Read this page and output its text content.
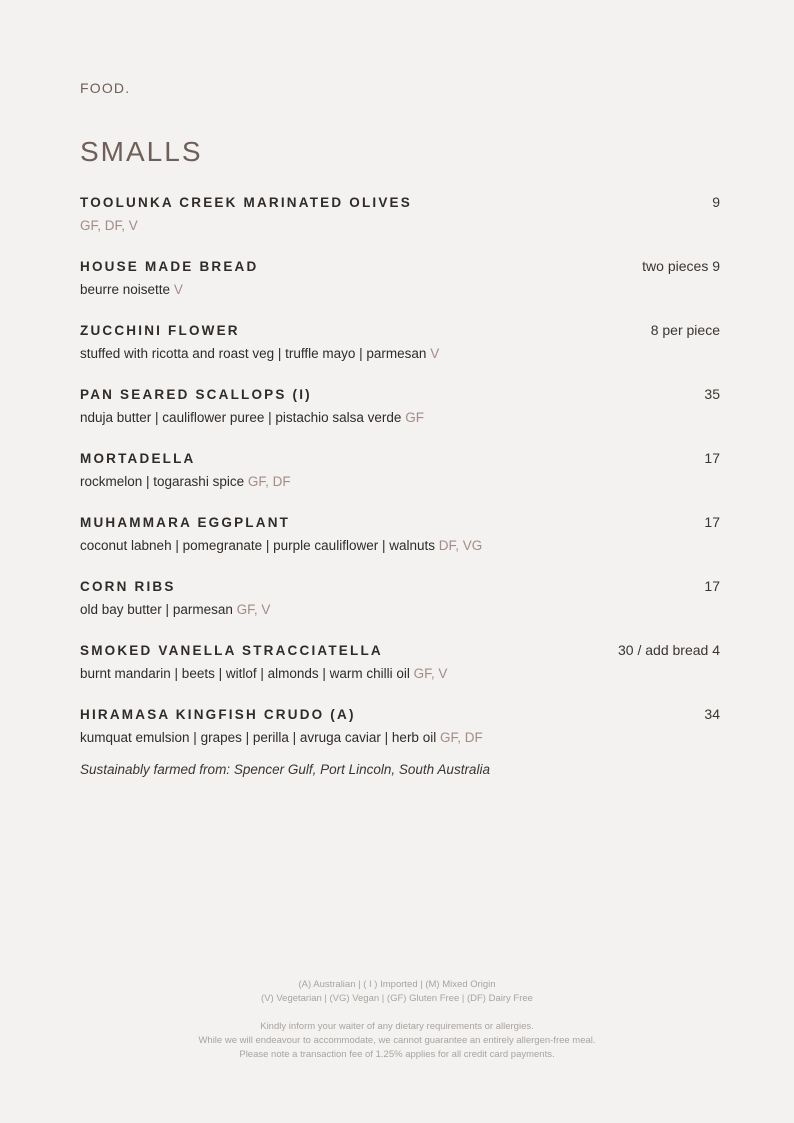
FOOD.
SMALLS
TOOLUNKA CREEK MARINATED OLIVES	9
GF, DF, V
HOUSE MADE BREAD	two pieces 9
beurre noisette V
ZUCCHINI FLOWER	8 per piece
stuffed with ricotta and roast veg | truffle mayo | parmesan V
PAN SEARED SCALLOPS (I)	35
nduja butter | cauliflower puree | pistachio salsa verde GF
MORTADELLA	17
rockmelon | togarashi spice GF, DF
MUHAMMARA EGGPLANT	17
coconut labneh | pomegranate | purple cauliflower | walnuts DF, VG
CORN RIBS	17
old bay butter | parmesan GF, V
SMOKED VANELLA STRACCIATELLA	30 / add bread 4
burnt mandarin | beets | witlof | almonds | warm chilli oil GF, V
HIRAMASA KINGFISH CRUDO (A)	34
kumquat emulsion | grapes | perilla | avruga caviar | herb oil GF, DF
Sustainably farmed from: Spencer Gulf, Port Lincoln, South Australia
(A) Australian | ( I ) Imported | (M) Mixed Origin
(V) Vegetarian | (VG) Vegan | (GF) Gluten Free | (DF) Dairy Free
Kindly inform your waiter of any dietary requirements or allergies.
While we will endeavour to accommodate, we cannot guarantee an entirely allergen-free meal.
Please note a transaction fee of 1.25% applies for all credit card payments.
